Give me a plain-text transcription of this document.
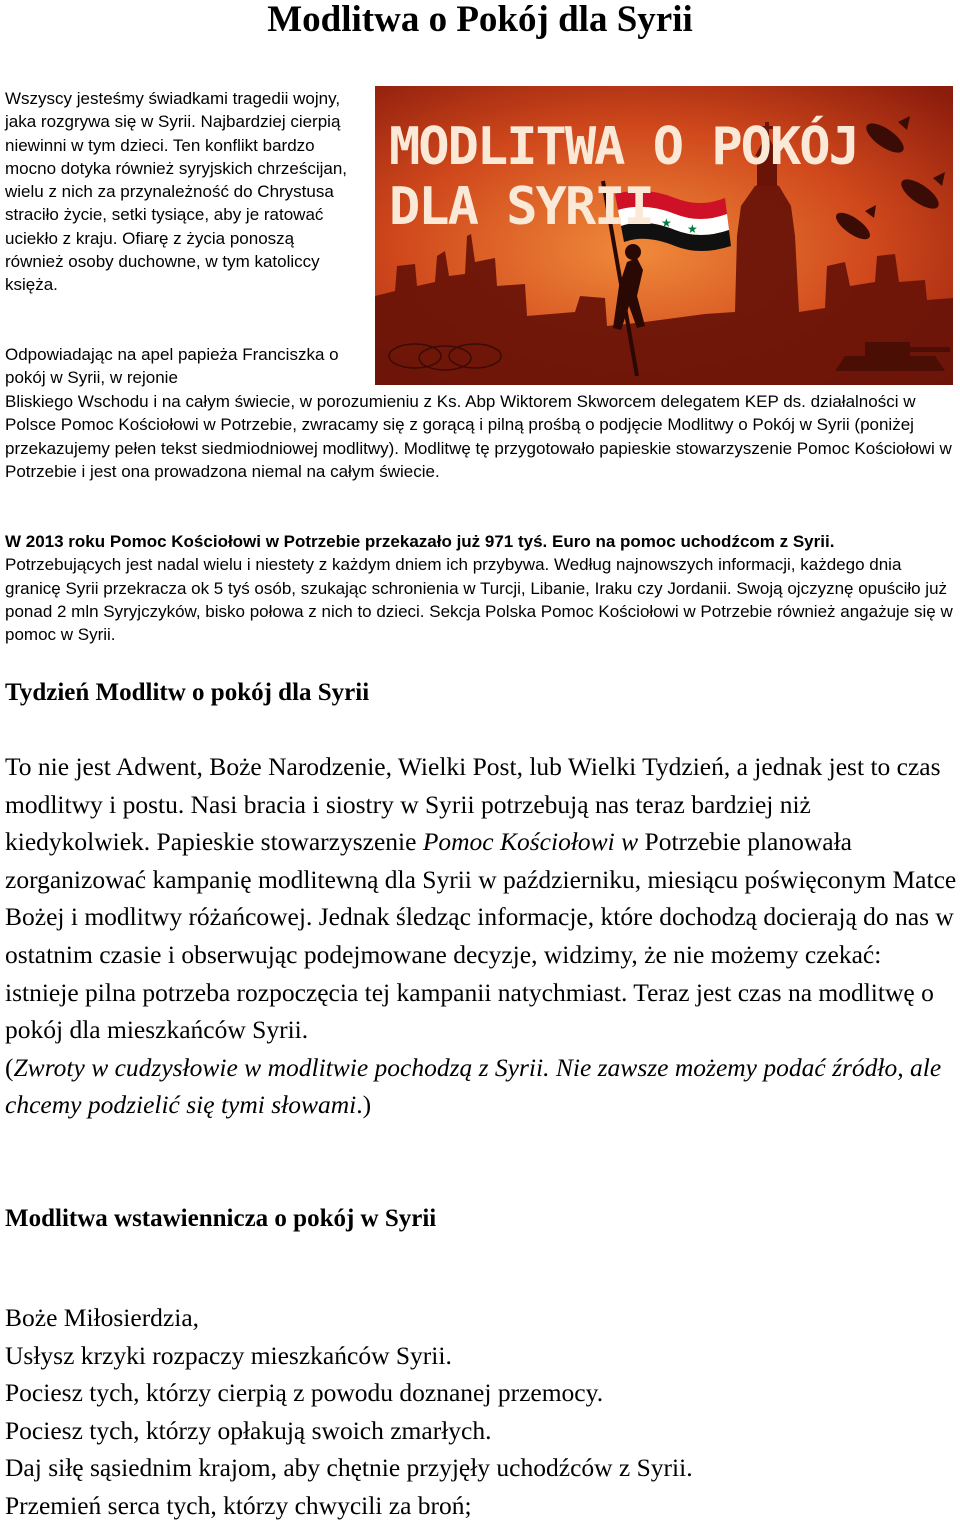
Modlitwa o Pokój dla Syrii

Wszyscy jesteśmy świadkami tragedii wojny, jaka rozgrywa się w Syrii. Najbardziej cierpią niewinni w tym dzieci. Ten konflikt bardzo mocno dotyka również syryjskich chrześcijan, wielu z nich za przynależność do Chrystusa straciło życie, setki tysiące, aby je ratować uciekło z kraju. Ofiarę z życia ponoszą również osoby duchowne, w tym katoliccy księża.

★ ★
MODLITWA O POKÓJ
DLA SYRII

Odpowiadając na apel papieża Franciszka o pokój w Syrii, w rejonie

Bliskiego Wschodu i na całym świecie, w porozumieniu z Ks. Abp Wiktorem Skworcem delegatem KEP ds. działalności w Polsce Pomoc Kościołowi w Potrzebie, zwracamy się z gorącą i pilną prośbą o podjęcie Modlitwy o Pokój w Syrii (poniżej przekazujemy pełen tekst siedmiodniowej modlitwy). Modlitwę tę przygotowało papieskie stowarzyszenie Pomoc Kościołowi w Potrzebie i jest ona prowadzona niemal na całym świecie.

W 2013 roku Pomoc Kościołowi w Potrzebie przekazało już 971 tyś. Euro na pomoc uchodźcom z Syrii. Potrzebujących jest nadal wielu i niestety z każdym dniem ich przybywa. Według najnowszych informacji, każdego dnia granicę Syrii przekracza ok 5 tyś osób, szukając schronienia w Turcji, Libanie, Iraku czy Jordanii. Swoją ojczyznę opuściło już ponad 2 mln Syryjczyków, bisko połowa z nich to dzieci. Sekcja Polska Pomoc Kościołowi w Potrzebie również angażuje się w pomoc w Syrii.

Tydzień Modlitw o pokój dla Syrii

To nie jest Adwent, Boże Narodzenie, Wielki Post, lub Wielki Tydzień, a jednak jest to czas modlitwy i postu. Nasi bracia i siostry w Syrii potrzebują nas teraz bardziej niż kiedykolwiek. Papieskie stowarzyszenie Pomoc Kościołowi w Potrzebie planowała zorganizować kampanię modlitewną dla Syrii w październiku, miesiącu poświęconym Matce Bożej i modlitwy różańcowej. Jednak śledząc informacje, które dochodzą docierają do nas w ostatnim czasie i obserwując podejmowane decyzje, widzimy, że nie możemy czekać: istnieje pilna potrzeba rozpoczęcia tej kampanii natychmiast. Teraz jest czas na modlitwę o pokój dla mieszkańców Syrii.
(Zwroty w cudzysłowie w modlitwie pochodzą z Syrii. Nie zawsze możemy podać źródło, ale chcemy podzielić się tymi słowami.)

Modlitwa wstawiennicza o pokój w Syrii
Boże Miłosierdzia,
Usłysz krzyki rozpaczy mieszkańców Syrii.
Pociesz tych, którzy cierpią z powodu doznanej przemocy.
Pociesz tych, którzy opłakują swoich zmarłych.
Daj siłę sąsiednim krajom, aby chętnie przyjęły uchodźców z Syrii.
Przemień serca tych, którzy chwycili za broń;
